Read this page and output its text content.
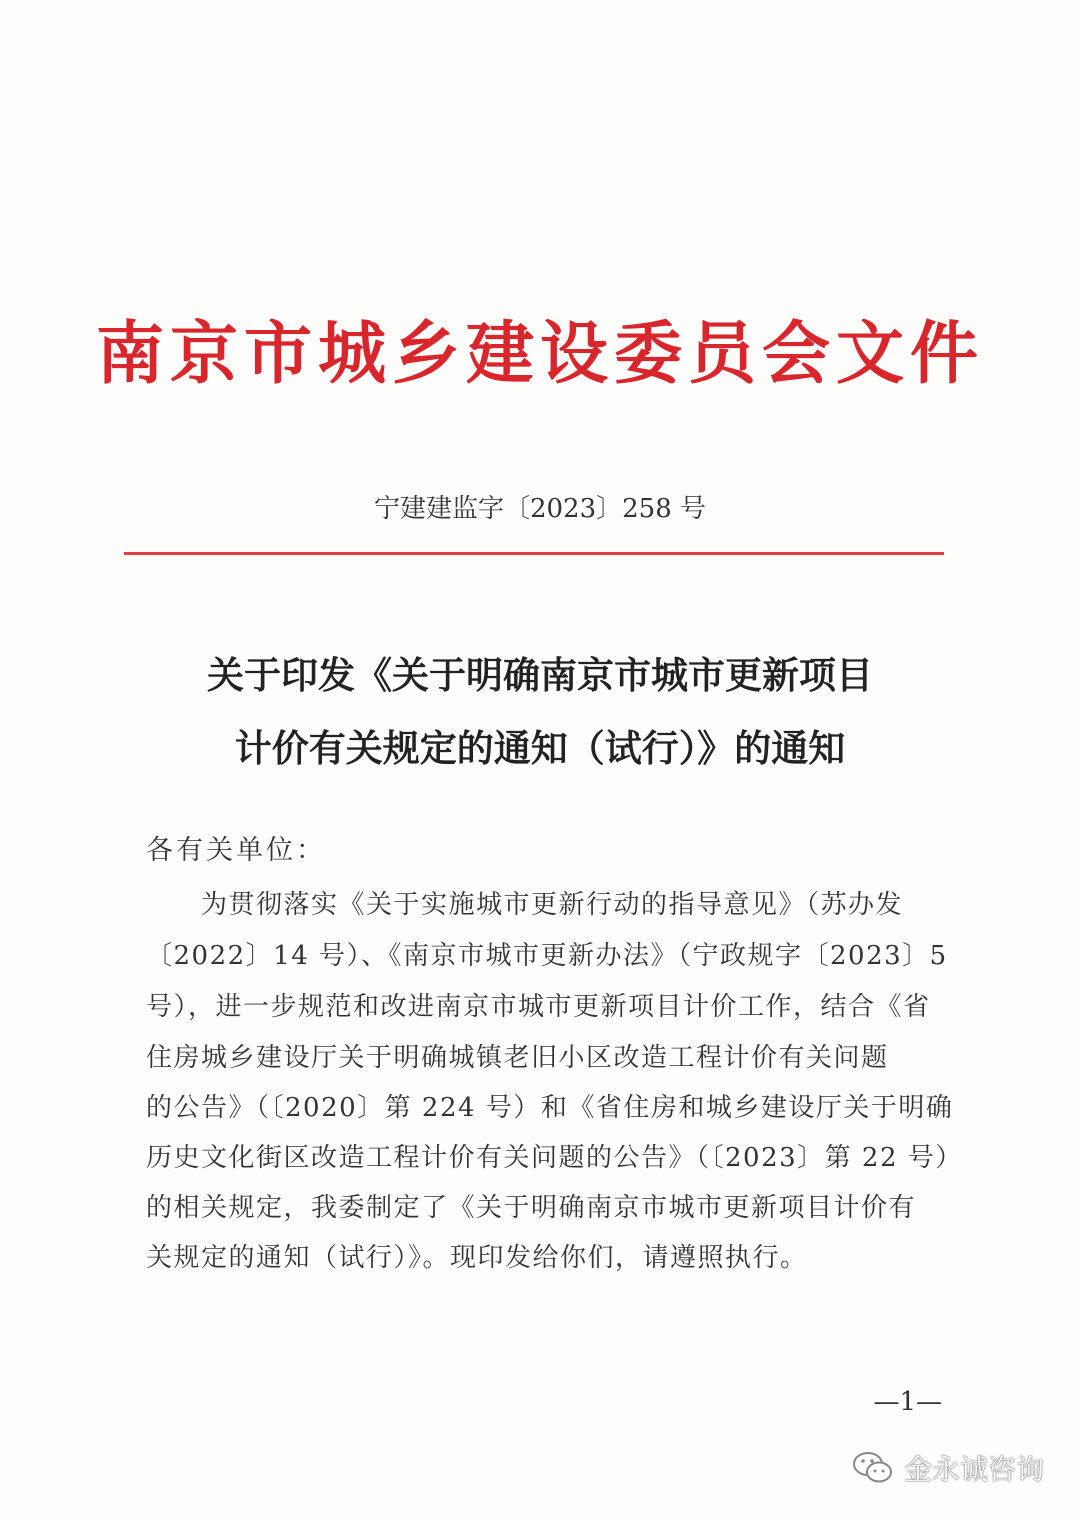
南京市城乡建设委员会文件
宁建建监字〔2023〕258 号
关于印发《关于明确南京市城市更新项目
计价有关规定的通知（试行）》的通知
各有关单位：
　　为贯彻落实《关于实施城市更新行动的指导意见》（苏办发
〔2022〕14 号）、《南京市城市更新办法》（宁政规字〔2023〕5
号），进一步规范和改进南京市城市更新项目计价工作，结合《省
住房城乡建设厅关于明确城镇老旧小区改造工程计价有关问题
的公告》（〔2020〕第 224 号）和《省住房和城乡建设厅关于明确
历史文化街区改造工程计价有关问题的公告》（〔2023〕第 22 号）
的相关规定，我委制定了《关于明确南京市城市更新项目计价有
关规定的通知（试行）》。现印发给你们，请遵照执行。
—1—
金永诚咨询
